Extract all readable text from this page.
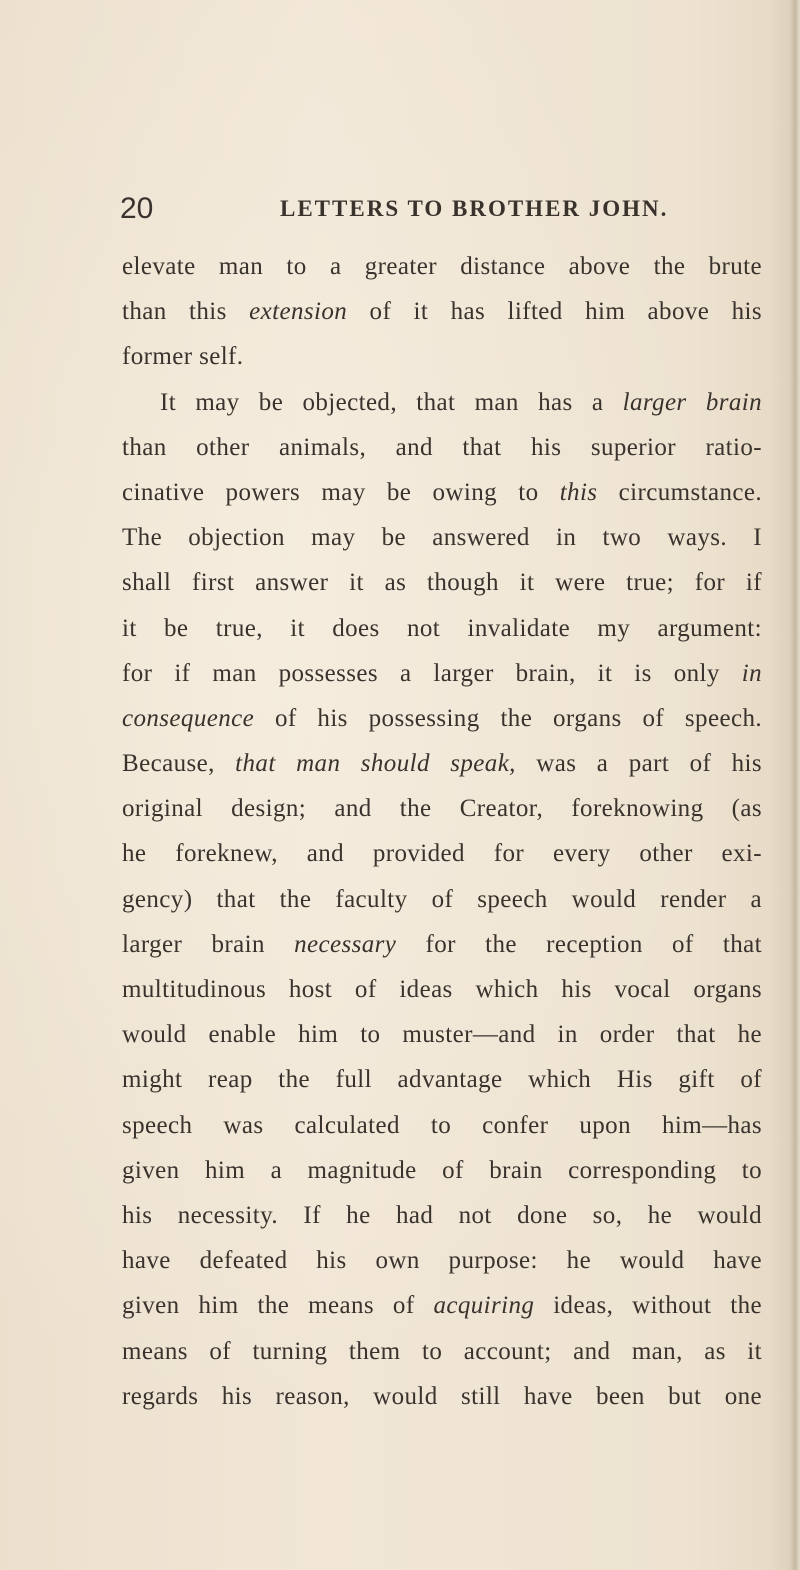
20	LETTERS TO BROTHER JOHN.
elevate man to a greater distance above the brute
than this extension of it has lifted him above his
former self.
It may be objected, that man has a larger brain
than other animals, and that his superior ratio-
cinative powers may be owing to this circumstance.
The objection may be answered in two ways. I
shall first answer it as though it were true; for if
it be true, it does not invalidate my argument:
for if man possesses a larger brain, it is only in
consequence of his possessing the organs of speech.
Because, that man should speak, was a part of his
original design; and the Creator, foreknowing (as
he foreknew, and provided for every other exi-
gency) that the faculty of speech would render a
larger brain necessary for the reception of that
multitudinous host of ideas which his vocal organs
would enable him to muster—and in order that he
might reap the full advantage which His gift of
speech was calculated to confer upon him—has
given him a magnitude of brain corresponding to
his necessity. If he had not done so, he would
have defeated his own purpose: he would have
given him the means of acquiring ideas, without the
means of turning them to account; and man, as it
regards his reason, would still have been but one
